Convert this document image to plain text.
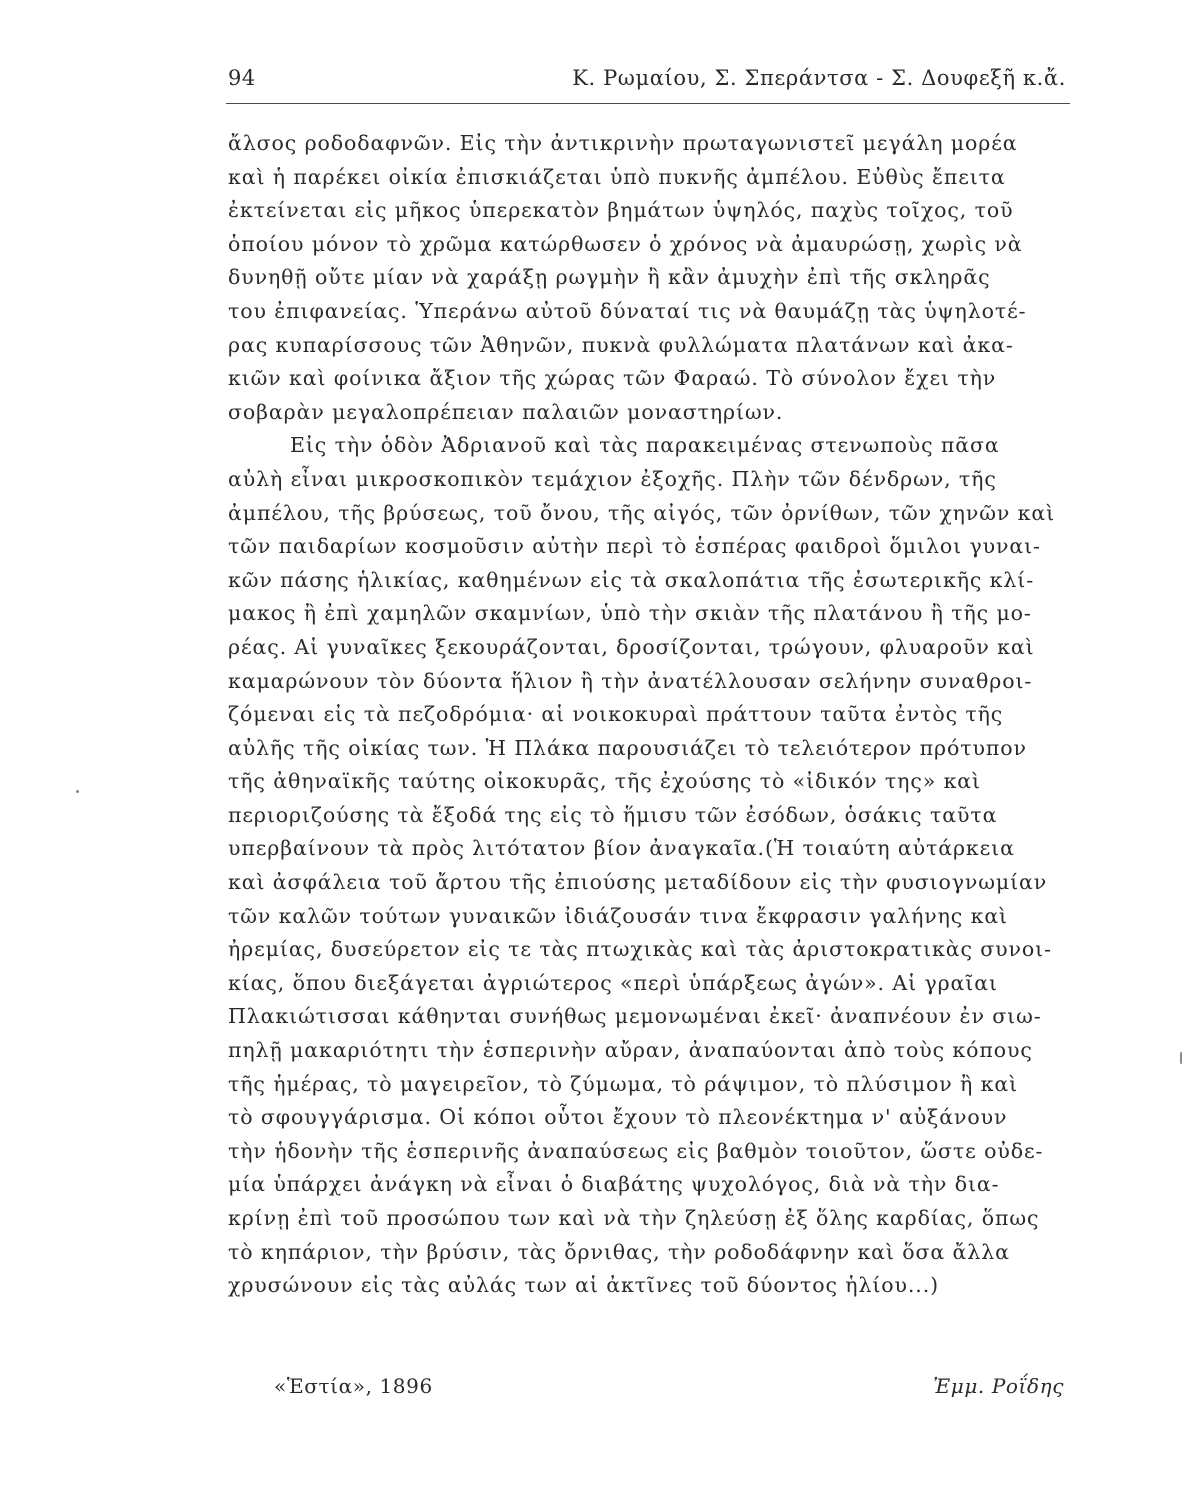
94	Κ. Ρωμαίου, Σ. Σπεράντσα - Σ. Δουφεξῆ κ.ἄ.
ἄλσος ροδοδαφνῶν. Εἰς τὴν ἀντικρινὴν πρωταγωνιστεῖ μεγάλη μορέα
καὶ ἡ παρέκει οἰκία ἐπισκιάζεται ὑπὸ πυκνῆς ἀμπέλου. Εὐθὺς ἔπειτα
ἐκτείνεται εἰς μῆκος ὑπερεκατὸν βημάτων ὑψηλός, παχὺς τοῖχος, τοῦ
ὁποίου μόνον τὸ χρῶμα κατώρθωσεν ὁ χρόνος νὰ ἀμαυρώσῃ, χωρὶς νὰ
δυνηθῇ οὔτε μίαν νὰ χαράξῃ ρωγμὴν ἢ κἂν ἀμυχὴν ἐπὶ τῆς σκληρᾶς
του ἐπιφανείας. Ὑπεράνω αὐτοῦ δύναταί τις νὰ θαυμάζῃ τὰς ὑψηλοτέ-
ρας κυπαρίσσους τῶν Ἀθηνῶν, πυκνὰ φυλλώματα πλατάνων καὶ ἀκα-
κιῶν καὶ φοίνικα ἄξιον τῆς χώρας τῶν Φαραώ. Τὸ σύνολον ἔχει τὴν
σοβαρὰν μεγαλοπρέπειαν παλαιῶν μοναστηρίων.
Εἰς τὴν ὁδὸν Ἀδριανοῦ καὶ τὰς παρακειμένας στενωποὺς πᾶσα
αὐλὴ εἶναι μικροσκοπικὸν τεμάχιον ἐξοχῆς. Πλὴν τῶν δένδρων, τῆς
ἀμπέλου, τῆς βρύσεως, τοῦ ὄνου, τῆς αἰγός, τῶν ὀρνίθων, τῶν χηνῶν καὶ
τῶν παιδαρίων κοσμοῦσιν αὐτὴν περὶ τὸ ἑσπέρας φαιδροὶ ὅμιλοι γυναι-
κῶν πάσης ἡλικίας, καθημένων εἰς τὰ σκαλοπάτια τῆς ἐσωτερικῆς κλί-
μακος ἢ ἐπὶ χαμηλῶν σκαμνίων, ὑπὸ τὴν σκιὰν τῆς πλατάνου ἢ τῆς μο-
ρέας. Αἱ γυναῖκες ξεκουράζονται, δροσίζονται, τρώγουν, φλυαροῦν καὶ
καμαρώνουν τὸν δύοντα ἥλιον ἢ τὴν ἀνατέλλουσαν σελήνην συναθροι-
ζόμεναι εἰς τὰ πεζοδρόμια· αἱ νοικοκυραὶ πράττουν ταῦτα ἐντὸς τῆς
αὐλῆς τῆς οἰκίας των. Ἡ Πλάκα παρουσιάζει τὸ τελειότερον πρότυπον
τῆς ἀθηναϊκῆς ταύτης οἰκοκυρᾶς, τῆς ἐχούσης τὸ «ἰδικόν της» καὶ
περιοριζούσης τὰ ἔξοδά της εἰς τὸ ἥμισυ τῶν ἐσόδων, ὁσάκις ταῦτα
υπερβαίνουν τὰ πρὸς λιτότατον βίον ἀναγκαῖα.(Ἡ τοιαύτη αὐτάρκεια
καὶ ἀσφάλεια τοῦ ἄρτου τῆς ἐπιούσης μεταδίδουν εἰς τὴν φυσιογνωμίαν
τῶν καλῶν τούτων γυναικῶν ἰδιάζουσάν τινα ἔκφρασιν γαλήνης καὶ
ἠρεμίας, δυσεύρετον εἰς τε τὰς πτωχικὰς καὶ τὰς ἀριστοκρατικὰς συνοι-
κίας, ὅπου διεξάγεται ἀγριώτερος «περὶ ὑπάρξεως ἀγών». Αἱ γραῖαι
Πλακιώτισσαι κάθηνται συνήθως μεμονωμέναι ἐκεῖ· ἀναπνέουν ἐν σιω-
πηλῇ μακαριότητι τὴν ἑσπερινὴν αὔραν, ἀναπαύονται ἀπὸ τοὺς κόπους
τῆς ἡμέρας, τὸ μαγειρεῖον, τὸ ζύμωμα, τὸ ράψιμον, τὸ πλύσιμον ἢ καὶ
τὸ σφουγγάρισμα. Οἱ κόποι οὗτοι ἔχουν τὸ πλεονέκτημα ν' αὐξάνουν
τὴν ἡδονὴν τῆς ἑσπερινῆς ἀναπαύσεως εἰς βαθμὸν τοιοῦτον, ὥστε οὐδε-
μία ὑπάρχει ἀνάγκη νὰ εἶναι ὁ διαβάτης ψυχολόγος, διὰ νὰ τὴν δια-
κρίνῃ ἐπὶ τοῦ προσώπου των καὶ νὰ τὴν ζηλεύσῃ ἐξ ὅλης καρδίας, ὅπως
τὸ κηπάριον, τὴν βρύσιν, τὰς ὄρνιθας, τὴν ροδοδάφνην καὶ ὅσα ἄλλα
χρυσώνουν εἰς τὰς αὐλάς των αἱ ἀκτῖνες τοῦ δύοντος ἡλίου...)
«Ἑστία», 1896	Ἐμμ. Ροΐδης
